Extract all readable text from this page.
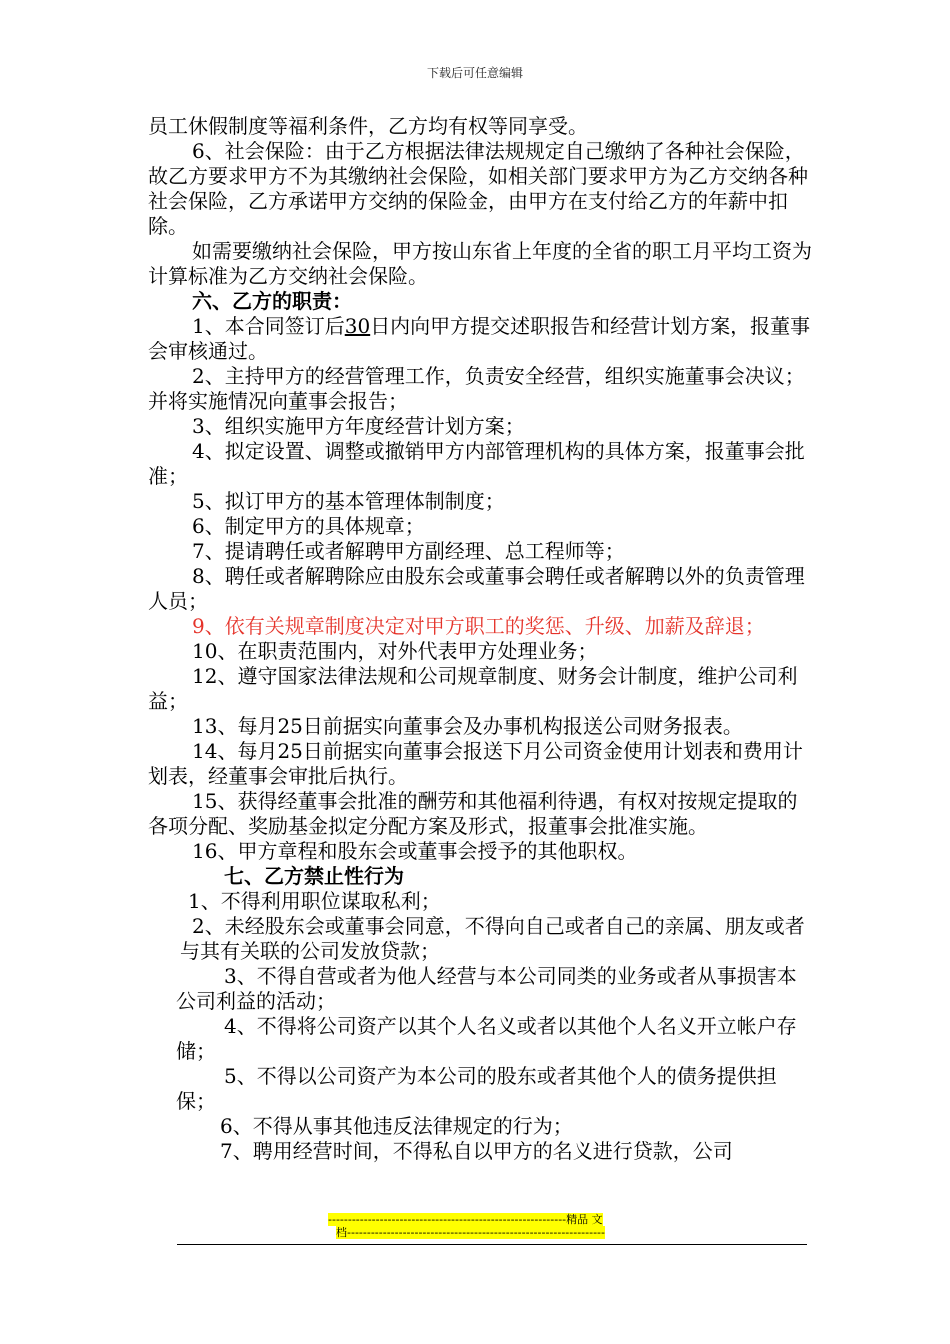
下载后可任意编辑

员工休假制度等福利条件，乙方均有权等同享受。

6、社会保险：由于乙方根据法律法规规定自己缴纳了各种社会保险，故乙方要求甲方不为其缴纳社会保险，如相关部门要求甲方为乙方交纳各种社会保险，乙方承诺甲方交纳的保险金，由甲方在支付给乙方的年薪中扣除。

如需要缴纳社会保险，甲方按山东省上年度的全省的职工月平均工资为计算标准为乙方交纳社会保险。

六、乙方的职责：

1、本合同签订后30日内向甲方提交述职报告和经营计划方案，报董事会审核通过。

2、主持甲方的经营管理工作，负责安全经营，组织实施董事会决议；并将实施情况向董事会报告；

3、组织实施甲方年度经营计划方案；

4、拟定设置、调整或撤销甲方内部管理机构的具体方案，报董事会批准；

5、拟订甲方的基本管理体制制度；

6、制定甲方的具体规章；

7、提请聘任或者解聘甲方副经理、总工程师等；

8、聘任或者解聘除应由股东会或董事会聘任或者解聘以外的负责管理人员；

9、依有关规章制度决定对甲方职工的奖惩、升级、加薪及辞退；

10、在职责范围内，对外代表甲方处理业务；

12、遵守国家法律法规和公司规章制度、财务会计制度，维护公司利益；

13、每月25日前据实向董事会及办事机构报送公司财务报表。

14、每月25日前据实向董事会报送下月公司资金使用计划表和费用计划表，经董事会审批后执行。

15、获得经董事会批准的酬劳和其他福利待遇，有权对按规定提取的各项分配、奖励基金拟定分配方案及形式，报董事会批准实施。

16、甲方章程和股东会或董事会授予的其他职权。

七、乙方禁止性行为

1、不得利用职位谋取私利；

2、未经股东会或董事会同意，不得向自己或者自己的亲属、朋友或者与其有关联的公司发放贷款；

3、不得自营或者为他人经营与本公司同类的业务或者从事损害本公司利益的活动；

4、不得将公司资产以其个人名义或者以其他个人名义开立帐户存储；

5、不得以公司资产为本公司的股东或者其他个人的债务提供担保；

6、不得从事其他违反法律规定的行为；

7、聘用经营时间，不得私自以甲方的名义进行贷款，公司

------------------------------------------------------------精品 文
档-----------------------------------------------------------------
